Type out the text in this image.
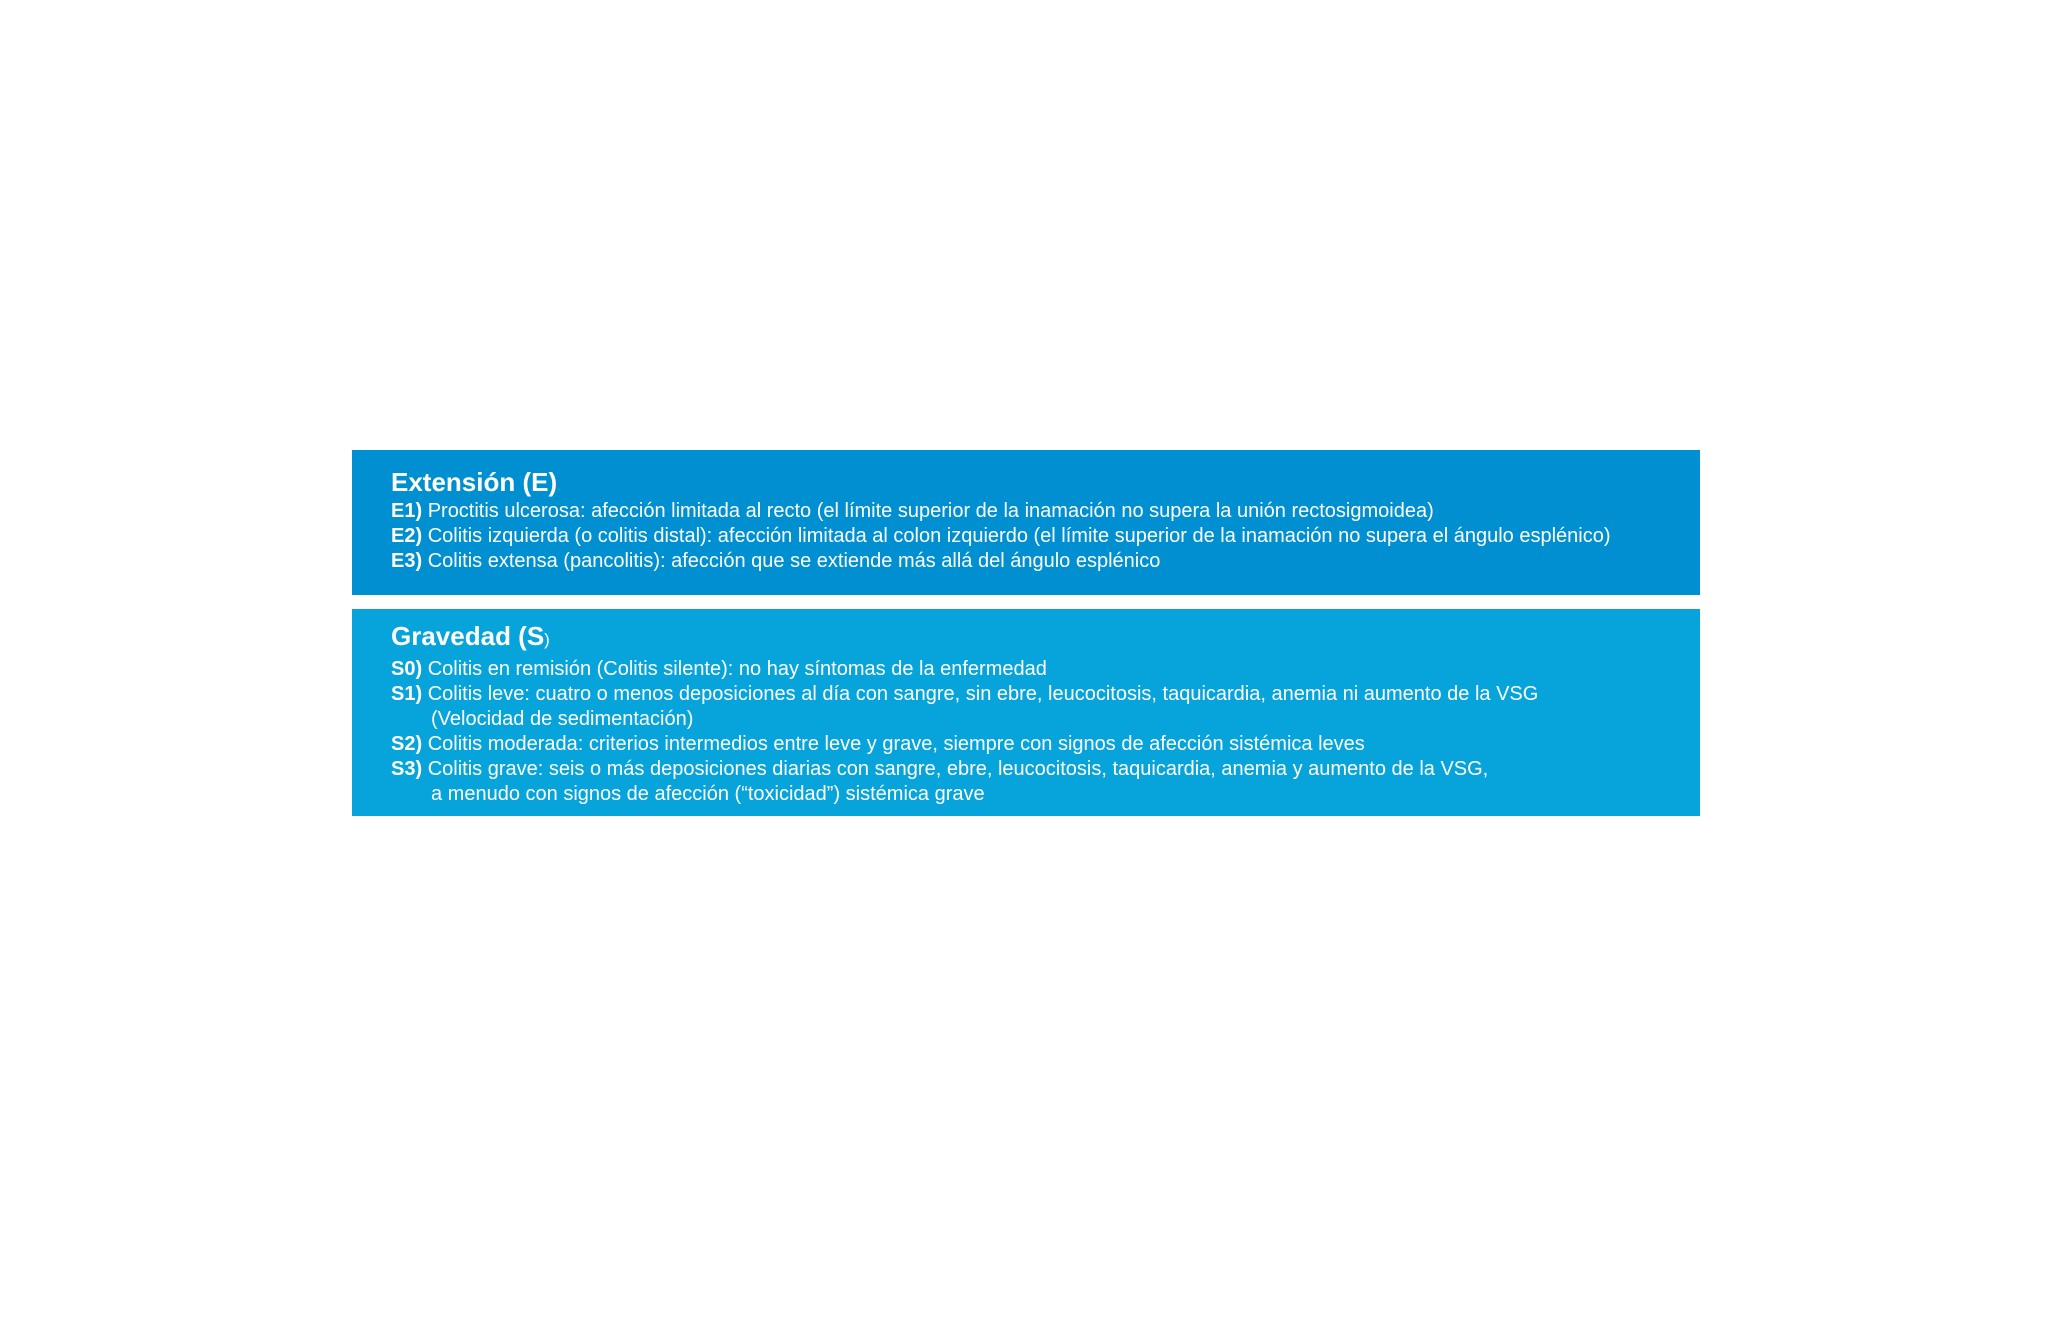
Extensión (E)
E1) Proctitis ulcerosa: afección limitada al recto (el límite superior de la inamación no supera la unión rectosigmoidea)
E2) Colitis izquierda (o colitis distal): afección limitada al colon izquierdo (el límite superior de la inamación no supera el ángulo esplénico)
E3) Colitis extensa (pancolitis): afección que se extiende más allá del ángulo esplénico
Gravedad (S)
S0) Colitis en remisión (Colitis silente): no hay síntomas de la enfermedad
S1) Colitis leve: cuatro o menos deposiciones al día con sangre, sin ebre, leucocitosis, taquicardia, anemia ni aumento de la VSG
(Velocidad de sedimentación)
S2) Colitis moderada: criterios intermedios entre leve y grave, siempre con signos de afección sistémica leves
S3) Colitis grave: seis o más deposiciones diarias con sangre, ebre, leucocitosis, taquicardia, anemia y aumento de la VSG,
a menudo con signos de afección (“toxicidad”) sistémica grave
